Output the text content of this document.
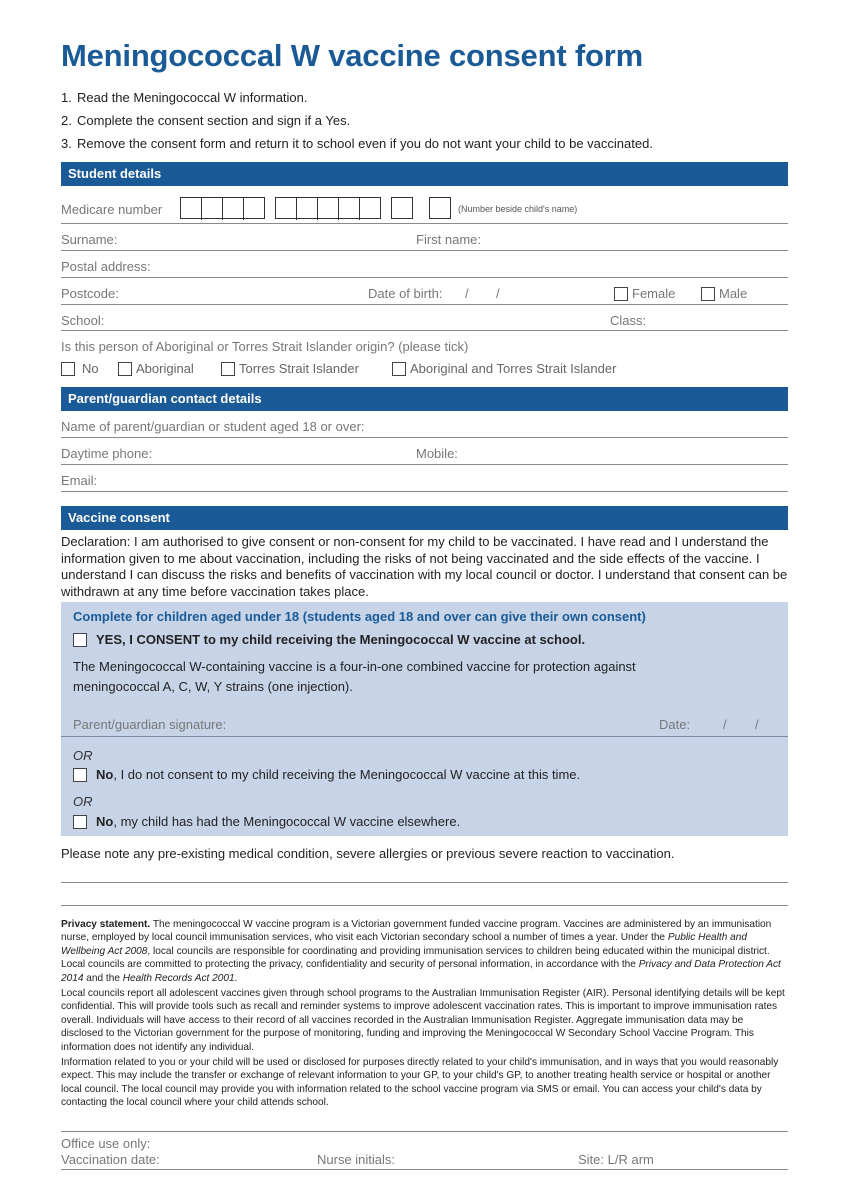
Meningococcal W vaccine consent form
1. Read the Meningococcal W information.
2. Complete the consent section and sign if a Yes.
3. Remove the consent form and return it to school even if you do not want your child to be vaccinated.
Student details
Medicare number	(Number beside child's name)
Surname:	First name:
Postal address:
Postcode:	Date of birth: / /	Female	Male
School:	Class:
Is this person of Aboriginal or Torres Strait Islander origin? (please tick)
No	Aboriginal	Torres Strait Islander	Aboriginal and Torres Strait Islander
Parent/guardian contact details
Name of parent/guardian or student aged 18 or over:
Daytime phone:	Mobile:
Email:
Vaccine consent
Declaration: I am authorised to give consent or non-consent for my child to be vaccinated. I have read and I understand the information given to me about vaccination, including the risks of not being vaccinated and the side effects of the vaccine. I understand I can discuss the risks and benefits of vaccination with my local council or doctor. I understand that consent can be withdrawn at any time before vaccination takes place.
Complete for children aged under 18 (students aged 18 and over can give their own consent)
YES, I CONSENT to my child receiving the Meningococcal W vaccine at school.
The Meningococcal W-containing vaccine is a four-in-one combined vaccine for protection against
meningococcal A, C, W, Y strains (one injection).
Parent/guardian signature:	Date:	/ /
OR
No, I do not consent to my child receiving the Meningococcal W vaccine at this time.
OR
No, my child has had the Meningococcal W vaccine elsewhere.
Please note any pre-existing medical condition, severe allergies or previous severe reaction to vaccination.

Privacy statement. The meningococcal W vaccine program is a Victorian government funded vaccine program. Vaccines are administered by an immunisation nurse, employed by local council immunisation services, who visit each Victorian secondary school a number of times a year. Under the Public Health and Wellbeing Act 2008, local councils are responsible for coordinating and providing immunisation services to children being educated within the municipal district. Local councils are committed to protecting the privacy, confidentiality and security of personal information, in accordance with the Privacy and Data Protection Act 2014 and the Health Records Act 2001.

Local councils report all adolescent vaccines given through school programs to the Australian Immunisation Register (AIR). Personal identifying details will be kept confidential. This will provide tools such as recall and reminder systems to improve adolescent vaccination rates. This is important to improve immunisation rates overall. Individuals will have access to their record of all vaccines recorded in the Australian Immunisation Register. Aggregate immunisation data may be disclosed to the Victorian government for the purpose of monitoring, funding and improving the Meningococcal W Secondary School Vaccine Program. This information does not identify any individual.

Information related to you or your child will be used or disclosed for purposes directly related to your child's immunisation, and in ways that you would reasonably expect. This may include the transfer or exchange of relevant information to your GP, to your child's GP, to another treating health service or hospital or another local council. The local council may provide you with information related to the school vaccine program via SMS or email. You can access your child's data by contacting the local council where your child attends school.

Office use only:
Vaccination date:	Nurse initials:	Site: L/R arm
